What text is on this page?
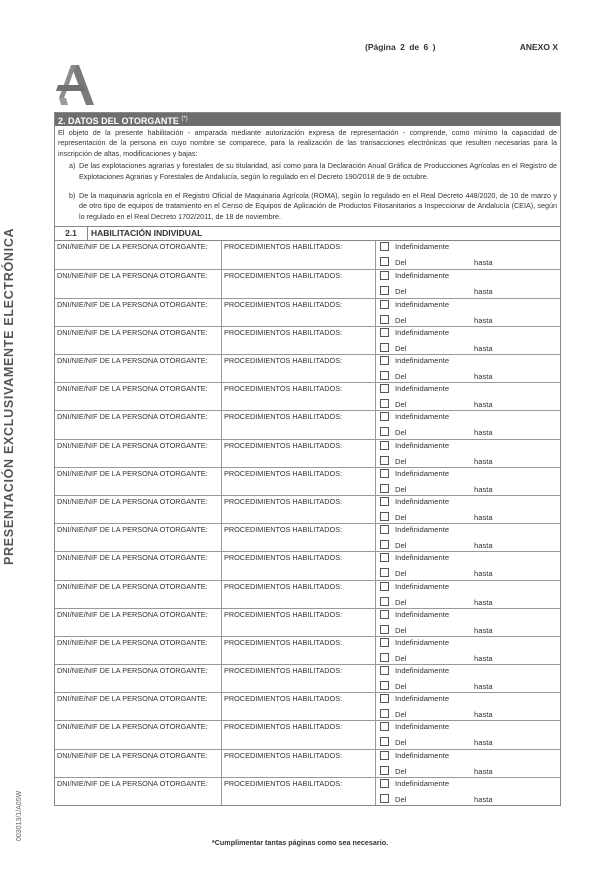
(Página 2 de 6 )	ANEXO X
PRESENTACIÓN EXCLUSIVAMENTE ELECTRÓNICA
003013/1/A05W
2. DATOS DEL OTORGANTE (*)
El objeto de la presente habilitación - amparada mediante autorización expresa de representación - comprende, como mínimo la capacidad de representación de la persona en cuyo nombre se comparece, para la realización de las transacciones electrónicas que resulten necesarias para la inscripción de altas, modificaciones y bajas:
a) De las explotaciones agrarias y forestales de su titularidad, así como para la Declaración Anual Gráfica de Producciones Agrícolas en el Registro de Explotaciones Agrarias y Forestales de Andalucía, según lo regulado en el Decreto 190/2018 de 9 de octubre.
b) De la maquinaria agrícola en el Registro Oficial de Maquinaria Agrícola (ROMA), según lo regulado en el Real Decreto 448/2020, de 10 de marzo y de otro tipo de equipos de tratamiento en el Censo de Equipos de Aplicación de Productos Fitosanitarios a Inspeccionar de Andalucía (CEIA), según lo regulado en el Real Decreto 1702/2011, de 18 de noviembre.
2.1	HABILITACIÓN INDIVIDUAL
DNI/NIE/NIF DE LA PERSONA OTORGANTE:	PROCEDIMIENTOS HABILITADOS:	Indefinidamente
Del	hasta
DNI/NIE/NIF DE LA PERSONA OTORGANTE:	PROCEDIMIENTOS HABILITADOS:	Indefinidamente
Del	hasta
DNI/NIE/NIF DE LA PERSONA OTORGANTE:	PROCEDIMIENTOS HABILITADOS:	Indefinidamente
Del	hasta
DNI/NIE/NIF DE LA PERSONA OTORGANTE:	PROCEDIMIENTOS HABILITADOS:	Indefinidamente
Del	hasta
DNI/NIE/NIF DE LA PERSONA OTORGANTE:	PROCEDIMIENTOS HABILITADOS:	Indefinidamente
Del	hasta
DNI/NIE/NIF DE LA PERSONA OTORGANTE:	PROCEDIMIENTOS HABILITADOS:	Indefinidamente
Del	hasta
DNI/NIE/NIF DE LA PERSONA OTORGANTE:	PROCEDIMIENTOS HABILITADOS:	Indefinidamente
Del	hasta
DNI/NIE/NIF DE LA PERSONA OTORGANTE:	PROCEDIMIENTOS HABILITADOS:	Indefinidamente
Del	hasta
DNI/NIE/NIF DE LA PERSONA OTORGANTE:	PROCEDIMIENTOS HABILITADOS:	Indefinidamente
Del	hasta
DNI/NIE/NIF DE LA PERSONA OTORGANTE:	PROCEDIMIENTOS HABILITADOS:	Indefinidamente
Del	hasta
DNI/NIE/NIF DE LA PERSONA OTORGANTE:	PROCEDIMIENTOS HABILITADOS:	Indefinidamente
Del	hasta
DNI/NIE/NIF DE LA PERSONA OTORGANTE:	PROCEDIMIENTOS HABILITADOS:	Indefinidamente
Del	hasta
DNI/NIE/NIF DE LA PERSONA OTORGANTE:	PROCEDIMIENTOS HABILITADOS:	Indefinidamente
Del	hasta
DNI/NIE/NIF DE LA PERSONA OTORGANTE:	PROCEDIMIENTOS HABILITADOS:	Indefinidamente
Del	hasta
DNI/NIE/NIF DE LA PERSONA OTORGANTE:	PROCEDIMIENTOS HABILITADOS:	Indefinidamente
Del	hasta
DNI/NIE/NIF DE LA PERSONA OTORGANTE:	PROCEDIMIENTOS HABILITADOS:	Indefinidamente
Del	hasta
DNI/NIE/NIF DE LA PERSONA OTORGANTE:	PROCEDIMIENTOS HABILITADOS:	Indefinidamente
Del	hasta
DNI/NIE/NIF DE LA PERSONA OTORGANTE:	PROCEDIMIENTOS HABILITADOS:	Indefinidamente
Del	hasta
DNI/NIE/NIF DE LA PERSONA OTORGANTE:	PROCEDIMIENTOS HABILITADOS:	Indefinidamente
Del	hasta
DNI/NIE/NIF DE LA PERSONA OTORGANTE:	PROCEDIMIENTOS HABILITADOS:	Indefinidamente
Del	hasta
*Cumplimentar tantas páginas como sea necesario.
